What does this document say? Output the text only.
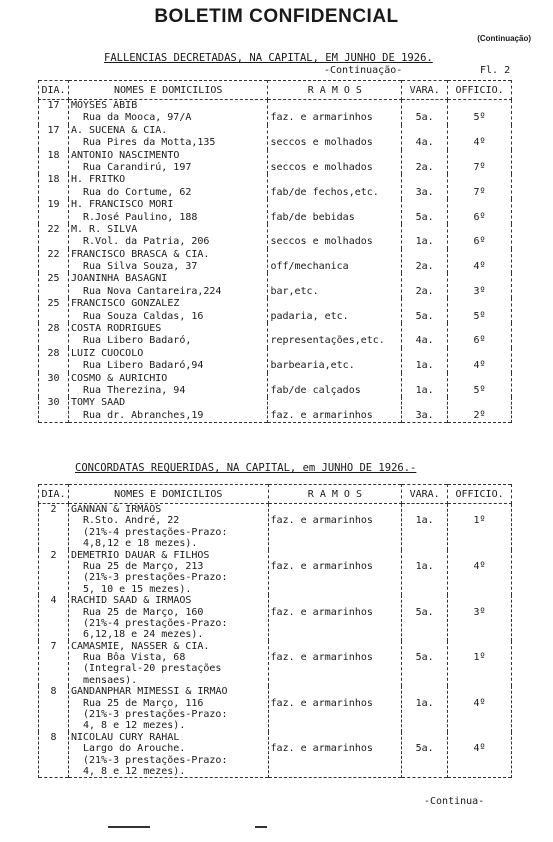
BOLETIM CONFIDENCIAL
(Continuação)
FALLENCIAS DECRETADAS, NA CAPITAL, EM JUNHO DE 1926.
-Continuação-	Fl. 2
DIA.	NOMES E DOMICILIOS	R A M O S	VARA.	OFFICIO.

17	MOYSÉS ABIB
Rua da Mooca, 97/A	faz. e armarinhos	5a.	5º

17	A. SUCENA & CIA.
Rua Pires da Motta,135	seccos e molhados	4a.	4º

18	ANTONIO NASCIMENTO
Rua Carandirú, 197	seccos e molhados	2a.	7º

18	H. FRITKO
Rua do Cortume, 62	fab/de fechos,etc.	3a.	7º

19	H. FRANCISCO MORI
R.José Paulino, 188	fab/de bebidas	5a.	6º

22	M. R. SILVA
R.Vol. da Patria, 206	seccos e molhados	1a.	6º

22	FRANCISCO BRASCA & CIA.
Rua Silva Souza, 37	off/mechanica	2a.	4º

25	JOANINHA BASAGNI
Rua Nova Cantareira,224	bar,etc.	2a.	3º

25	FRANCISCO GONZALEZ
Rua Souza Caldas, 16	padaria, etc.	5a.	5º

28	COSTA RODRIGUES
Rua Libero Badaró,	representações,etc.	4a.	6º

28	LUIZ CUOCOLO
Rua Libero Badaró,94	barbearia,etc.	1a.	4º

30	COSMO & AURICHIO
Rua Therezina, 94	fab/de calçados	1a.	5º

30	TOMY SAAD
Rua dr. Abranches,19	faz. e armarinhos	3a.	2º
CONCORDATAS REQUERIDAS, NA CAPITAL, em JUNHO DE 1926.-
DIA.	NOMES E DOMICILIOS	R A M O S	VARA.	OFFICIO.

2	GANNAN & IRMÃOS
R.Sto. André, 22
(21%-4 prestações-Prazo:
4,8,12 e 18 mezes).	faz. e armarinhos	1a.	1º

2	DEMETRIO DAUAR & FILHOS
Rua 25 de Março, 213
(21%-3 prestações-Prazo:
5, 10 e 15 mezes).	faz. e armarinhos	1a.	4º

4	RACHID SAAD & IRMÃOS
Rua 25 de Março, 160
(21%-4 prestações-Prazo:
6,12,18 e 24 mezes).	faz. e armarinhos	5a.	3º

7	CAMASMIE, NASSER & CIA.
Rua Bôa Vista, 68
(Integral-20 prestações
mensaes).	faz. e armarinhos	5a.	1º

8	GANDANPHAR MIMESSI & IRMÃO
Rua 25 de Março, 116
(21%-3 prestações-Prazo:
4, 8 e 12 mezes).	faz. e armarinhos	1a.	4º

8	NICOLAU CURY RAHAL
Largo do Arouche.
(21%-3 prestações-Prazo:
4, 8 e 12 mezes).	faz. e armarinhos	5a.	4º
-Continua-
